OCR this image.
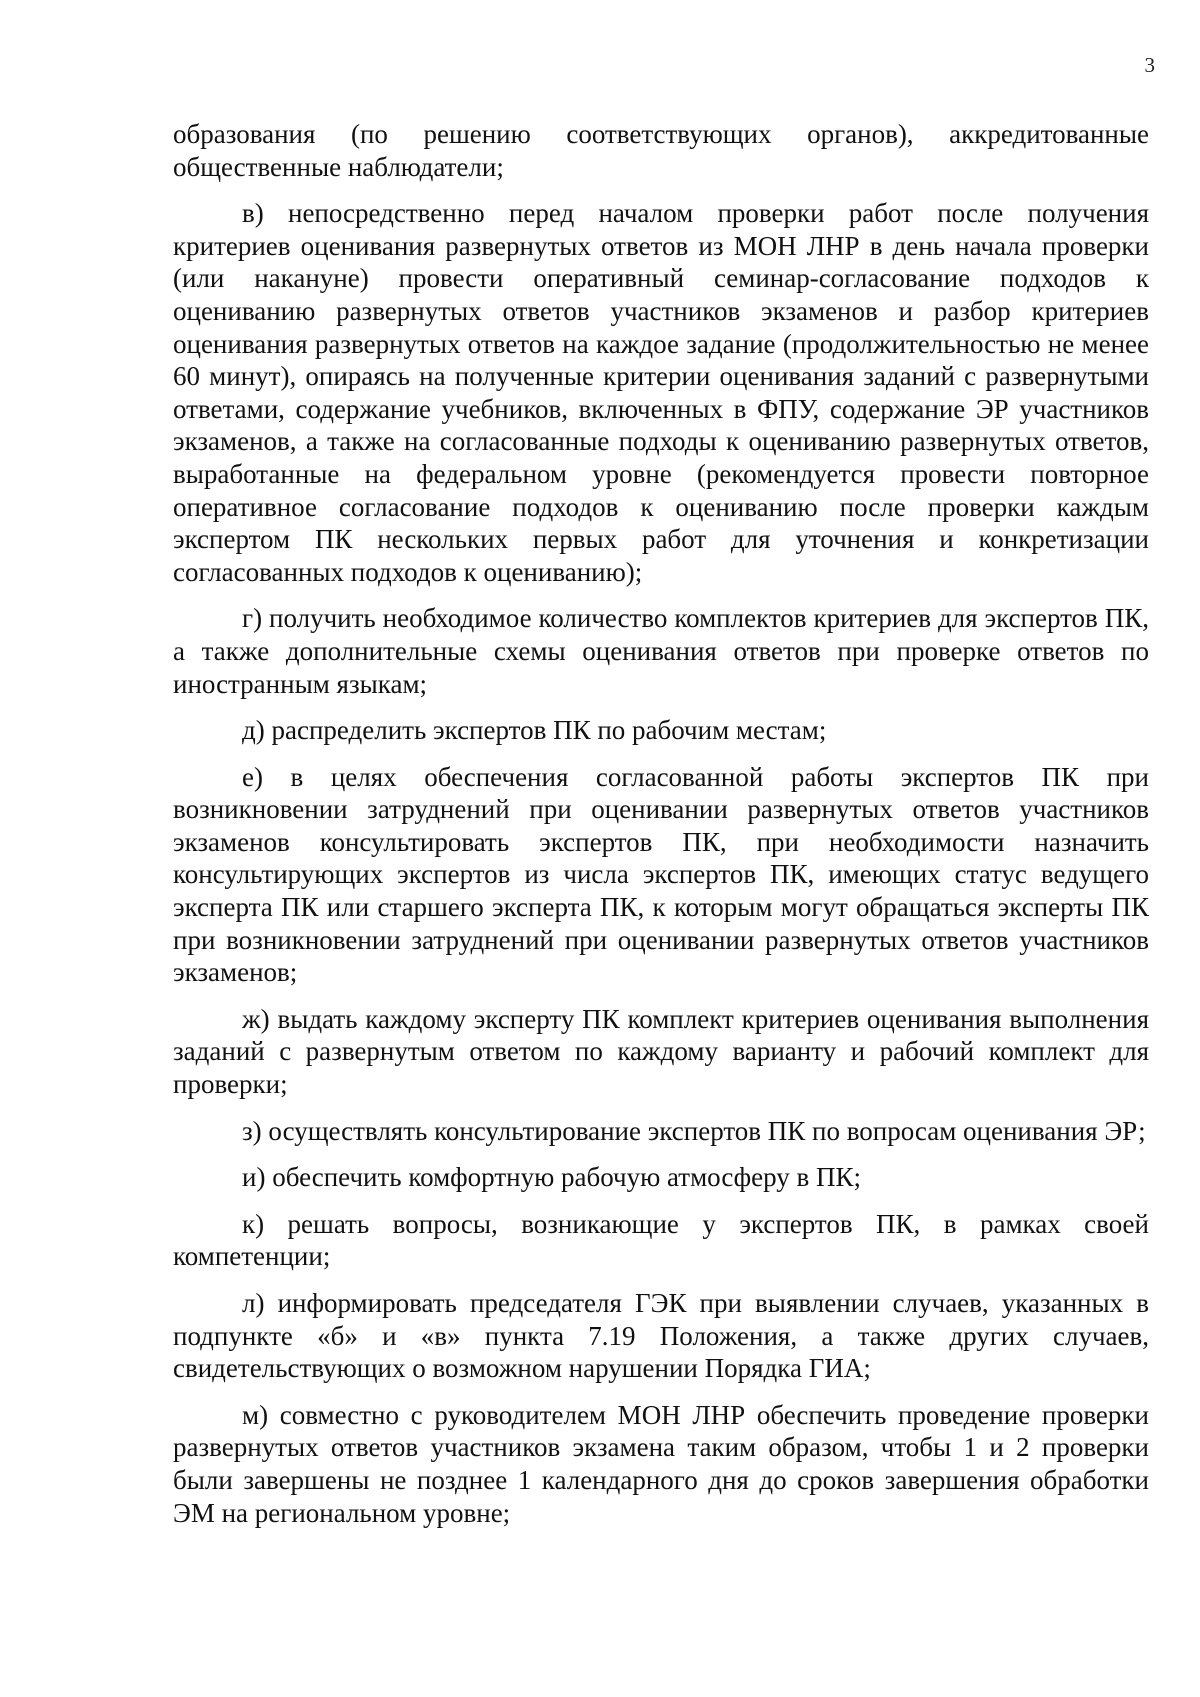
3

образования (по решению соответствующих органов), аккредитованные общественные наблюдатели;

в) непосредственно перед началом проверки работ после получения критериев оценивания развернутых ответов из МОН ЛНР в день начала проверки (или накануне) провести оперативный семинар-согласование подходов к оцениванию развернутых ответов участников экзаменов и разбор критериев оценивания развернутых ответов на каждое задание (продолжительностью не менее 60 минут), опираясь на полученные критерии оценивания заданий с развернутыми ответами, содержание учебников, включенных в ФПУ, содержание ЭР участников экзаменов, а также на согласованные подходы к оцениванию развернутых ответов, выработанные на федеральном уровне (рекомендуется провести повторное оперативное согласование подходов к оцениванию после проверки каждым экспертом ПК нескольких первых работ для уточнения и конкретизации согласованных подходов к оцениванию);

г) получить необходимое количество комплектов критериев для экспертов ПК, а также дополнительные схемы оценивания ответов при проверке ответов по иностранным языкам;

д) распределить экспертов ПК по рабочим местам;

е) в целях обеспечения согласованной работы экспертов ПК при возникновении затруднений при оценивании развернутых ответов участников экзаменов консультировать экспертов ПК, при необходимости назначить консультирующих экспертов из числа экспертов ПК, имеющих статус ведущего эксперта ПК или старшего эксперта ПК, к которым могут обращаться эксперты ПК при возникновении затруднений при оценивании развернутых ответов участников экзаменов;

ж) выдать каждому эксперту ПК комплект критериев оценивания выполнения заданий с развернутым ответом по каждому варианту и рабочий комплект для проверки;

з) осуществлять консультирование экспертов ПК по вопросам оценивания ЭР;

и) обеспечить комфортную рабочую атмосферу в ПК;

к) решать вопросы, возникающие у экспертов ПК, в рамках своей компетенции;

л) информировать председателя ГЭК при выявлении случаев, указанных в подпункте «б» и «в» пункта 7.19 Положения, а также других случаев, свидетельствующих о возможном нарушении Порядка ГИА;

м) совместно с руководителем МОН ЛНР обеспечить проведение проверки развернутых ответов участников экзамена таким образом, чтобы 1 и 2 проверки были завершены не позднее 1 календарного дня до сроков завершения обработки ЭМ на региональном уровне;
